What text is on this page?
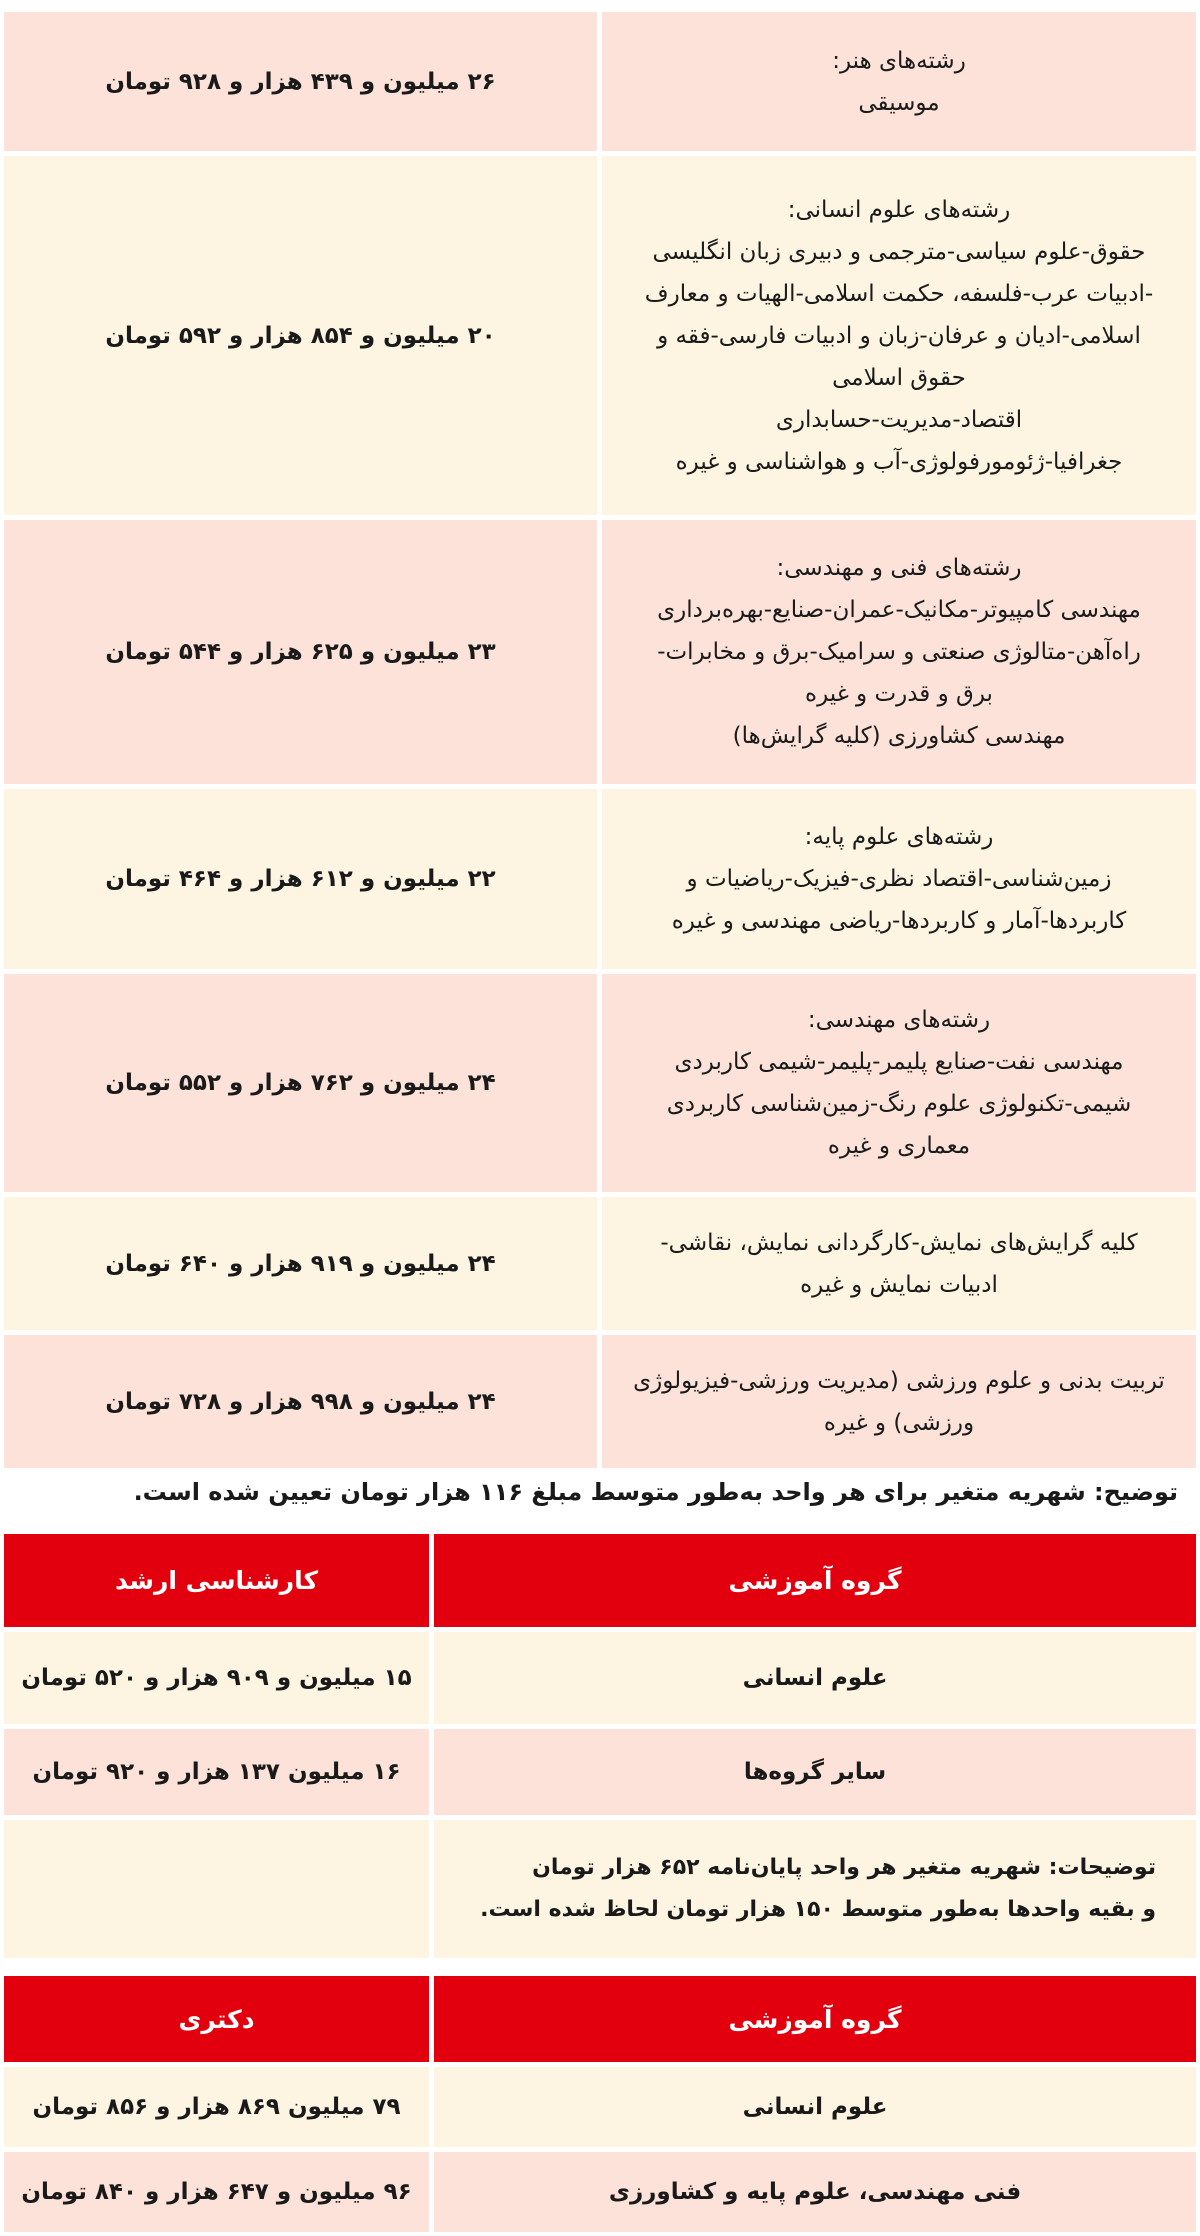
رشته‌های هنر:
موسیقی
۲۶ میلیون و ۴۳۹ هزار و ۹۲۸ تومان
رشته‌های علوم انسانی:
حقوق-علوم سیاسی-مترجمی و دبیری زبان انگلیسی
-ادبیات عرب-فلسفه، حکمت اسلامی-الهیات و معارف
اسلامی-ادیان و عرفان-زبان و ادبیات فارسی-فقه و
حقوق اسلامی
اقتصاد-مدیریت-حسابداری
جغرافیا-ژئومورفولوژی-آب و هواشناسی و غیره
۲۰ میلیون و ۸۵۴ هزار و ۵۹۲ تومان
رشته‌های فنی و مهندسی:
مهندسی کامپیوتر-مکانیک-عمران-صنایع-بهره‌برداری
راه‌آهن-متالوژی صنعتی و سرامیک-برق و مخابرات-
برق و قدرت و غیره
مهندسی کشاورزی (کلیه گرایش‌ها)
۲۳ میلیون و ۶۲۵ هزار و ۵۴۴ تومان
رشته‌های علوم پایه:
زمین‌شناسی-اقتصاد نظری-فیزیک-ریاضیات و
کاربردها-آمار و کاربردها-ریاضی مهندسی و غیره
۲۲ میلیون و ۶۱۲ هزار و ۴۶۴ تومان
رشته‌های مهندسی:
مهندسی نفت-صنایع پلیمر-پلیمر-شیمی کاربردی
شیمی-تکنولوژی علوم رنگ-زمین‌شناسی کاربردی
معماری و غیره
۲۴ میلیون و ۷۶۲ هزار و ۵۵۲ تومان
کلیه گرایش‌های نمایش-کارگردانی نمایش، نقاشی-
ادبیات نمایش و غیره
۲۴ میلیون و ۹۱۹ هزار و ۶۴۰ تومان
تربیت بدنی و علوم ورزشی (مدیریت ورزشی-فیزیولوژی
ورزشی) و غیره
۲۴ میلیون و ۹۹۸ هزار و ۷۲۸ تومان
توضیح: شهریه متغیر برای هر واحد به‌طور متوسط مبلغ ۱۱۶ هزار تومان تعیین شده است.
گروه آموزشی
کارشناسی ارشد
علوم انسانی
۱۵ میلیون و ۹۰۹ هزار و ۵۲۰ تومان
سایر گروه‌ها
۱۶ میلیون ۱۳۷ هزار و ۹۲۰ تومان
توضیحات: شهریه متغیر هر واحد پایان‌نامه ۶۵۲ هزار تومان
و بقیه واحدها به‌طور متوسط ۱۵۰ هزار تومان لحاظ شده است.
گروه آموزشی
دکتری
علوم انسانی
۷۹ میلیون ۸۶۹ هزار و ۸۵۶ تومان
فنی مهندسی، علوم پایه و کشاورزی
۹۶ میلیون و ۶۴۷ هزار و ۸۴۰ تومان
